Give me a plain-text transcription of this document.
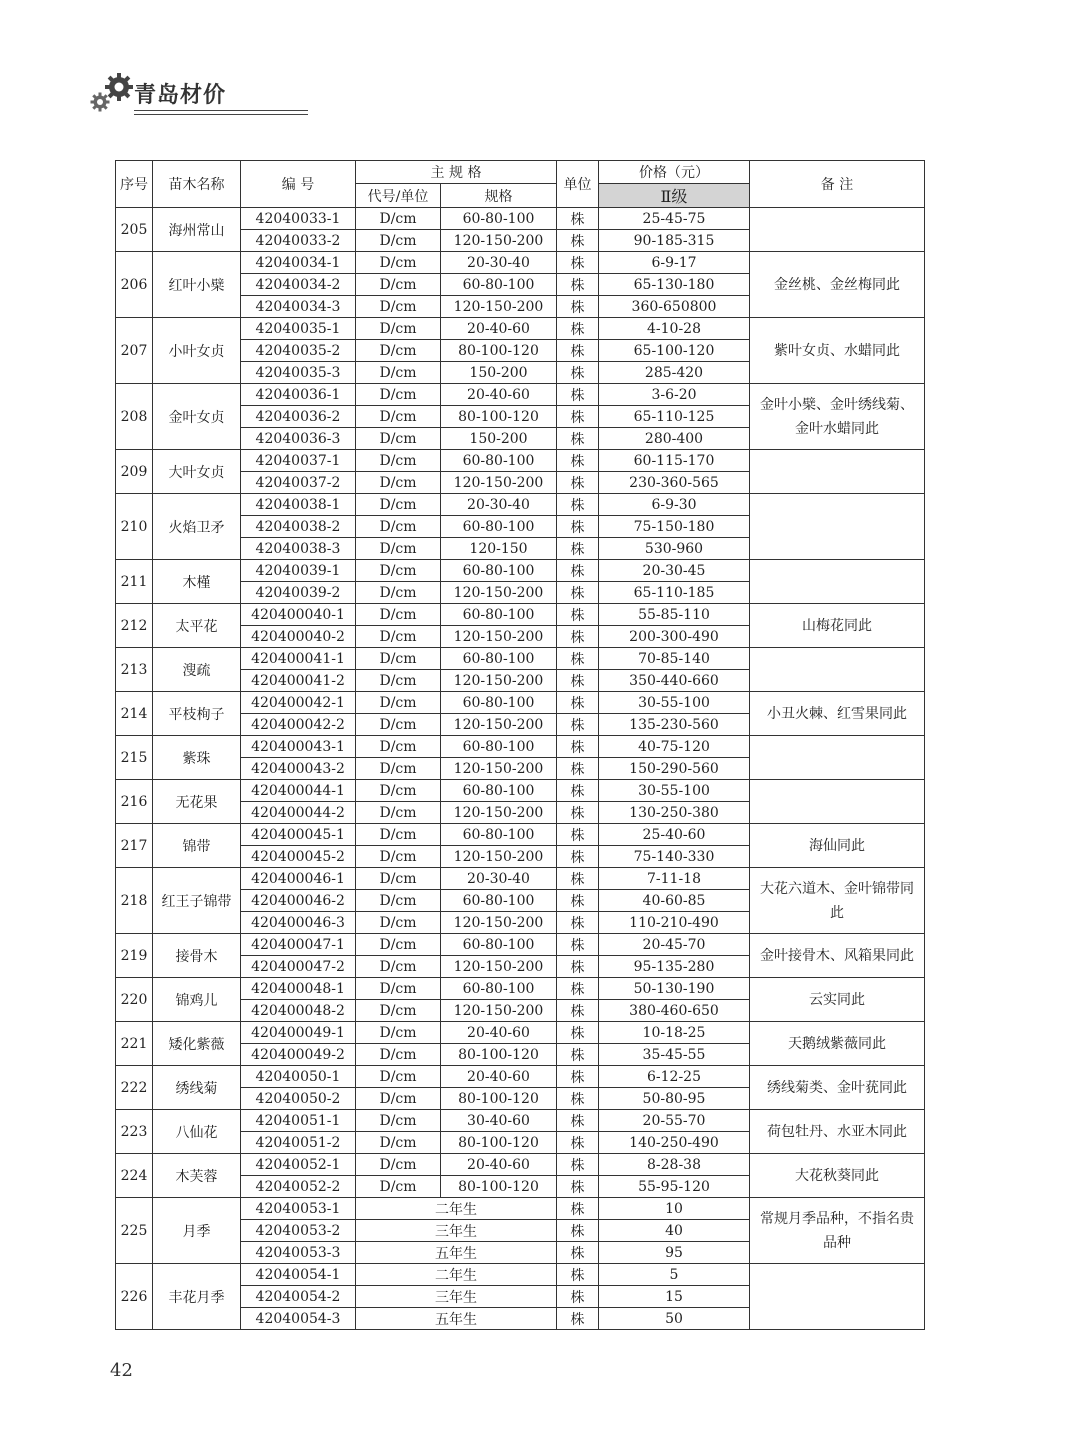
青岛材价
序号	苗木名称	编 号	主 规 格		单位	价格（元）	备 注
			代号/单位	规格		Ⅱ级	
205	海州常山	42040033-1	D/cm	60-80-100	株	25-45-75	
		42040033-2	D/cm	120-150-200	株	90-185-315	
206	红叶小檗	42040034-1	D/cm	20-30-40	株	6-9-17	金丝桃、金丝梅同此
		42040034-2	D/cm	60-80-100	株	65-130-180	
		42040034-3	D/cm	120-150-200	株	360-650800	
207	小叶女贞	42040035-1	D/cm	20-40-60	株	4-10-28	紫叶女贞、水蜡同此
		42040035-2	D/cm	80-100-120	株	65-100-120	
		42040035-3	D/cm	150-200	株	285-420	
208	金叶女贞	42040036-1	D/cm	20-40-60	株	3-6-20	金叶小檗、金叶绣线菊、金叶水蜡同此
		42040036-2	D/cm	80-100-120	株	65-110-125	
		42040036-3	D/cm	150-200	株	280-400	
209	大叶女贞	42040037-1	D/cm	60-80-100	株	60-115-170	
		42040037-2	D/cm	120-150-200	株	230-360-565	
210	火焰卫矛	42040038-1	D/cm	20-30-40	株	6-9-30	
		42040038-2	D/cm	60-80-100	株	75-150-180	
		42040038-3	D/cm	120-150	株	530-960	
211	木槿	42040039-1	D/cm	60-80-100	株	20-30-45	
		42040039-2	D/cm	120-150-200	株	65-110-185	
212	太平花	420400040-1	D/cm	60-80-100	株	55-85-110	山梅花同此
		420400040-2	D/cm	120-150-200	株	200-300-490	
213	溲疏	420400041-1	D/cm	60-80-100	株	70-85-140	
		420400041-2	D/cm	120-150-200	株	350-440-660	
214	平枝栒子	420400042-1	D/cm	60-80-100	株	30-55-100	小丑火棘、红雪果同此
		420400042-2	D/cm	120-150-200	株	135-230-560	
215	紫珠	420400043-1	D/cm	60-80-100	株	40-75-120	
		420400043-2	D/cm	120-150-200	株	150-290-560	
216	无花果	420400044-1	D/cm	60-80-100	株	30-55-100	
		420400044-2	D/cm	120-150-200	株	130-250-380	
217	锦带	420400045-1	D/cm	60-80-100	株	25-40-60	海仙同此
		420400045-2	D/cm	120-150-200	株	75-140-330	
218	红王子锦带	420400046-1	D/cm	20-30-40	株	7-11-18	大花六道木、金叶锦带同此
		420400046-2	D/cm	60-80-100	株	40-60-85	
		420400046-3	D/cm	120-150-200	株	110-210-490	
219	接骨木	420400047-1	D/cm	60-80-100	株	20-45-70	金叶接骨木、风箱果同此
		420400047-2	D/cm	120-150-200	株	95-135-280	
220	锦鸡儿	420400048-1	D/cm	60-80-100	株	50-130-190	云实同此
		420400048-2	D/cm	120-150-200	株	380-460-650	
221	矮化紫薇	420400049-1	D/cm	20-40-60	株	10-18-25	天鹅绒紫薇同此
		420400049-2	D/cm	80-100-120	株	35-45-55	
222	绣线菊	42040050-1	D/cm	20-40-60	株	6-12-25	绣线菊类、金叶莸同此
		42040050-2	D/cm	80-100-120	株	50-80-95	
223	八仙花	42040051-1	D/cm	30-40-60	株	20-55-70	荷包牡丹、水亚木同此
		42040051-2	D/cm	80-100-120	株	140-250-490	
224	木芙蓉	42040052-1	D/cm	20-40-60	株	8-28-38	大花秋葵同此
		42040052-2	D/cm	80-100-120	株	55-95-120	
225	月季	42040053-1	二年生		株	10	常规月季品种，不指名贵品种
		42040053-2	三年生		株	40	
		42040053-3	五年生		株	95	
226	丰花月季	42040054-1	二年生		株	5	
		42040054-2	三年生		株	15	
		42040054-3	五年生		株	50	
42
